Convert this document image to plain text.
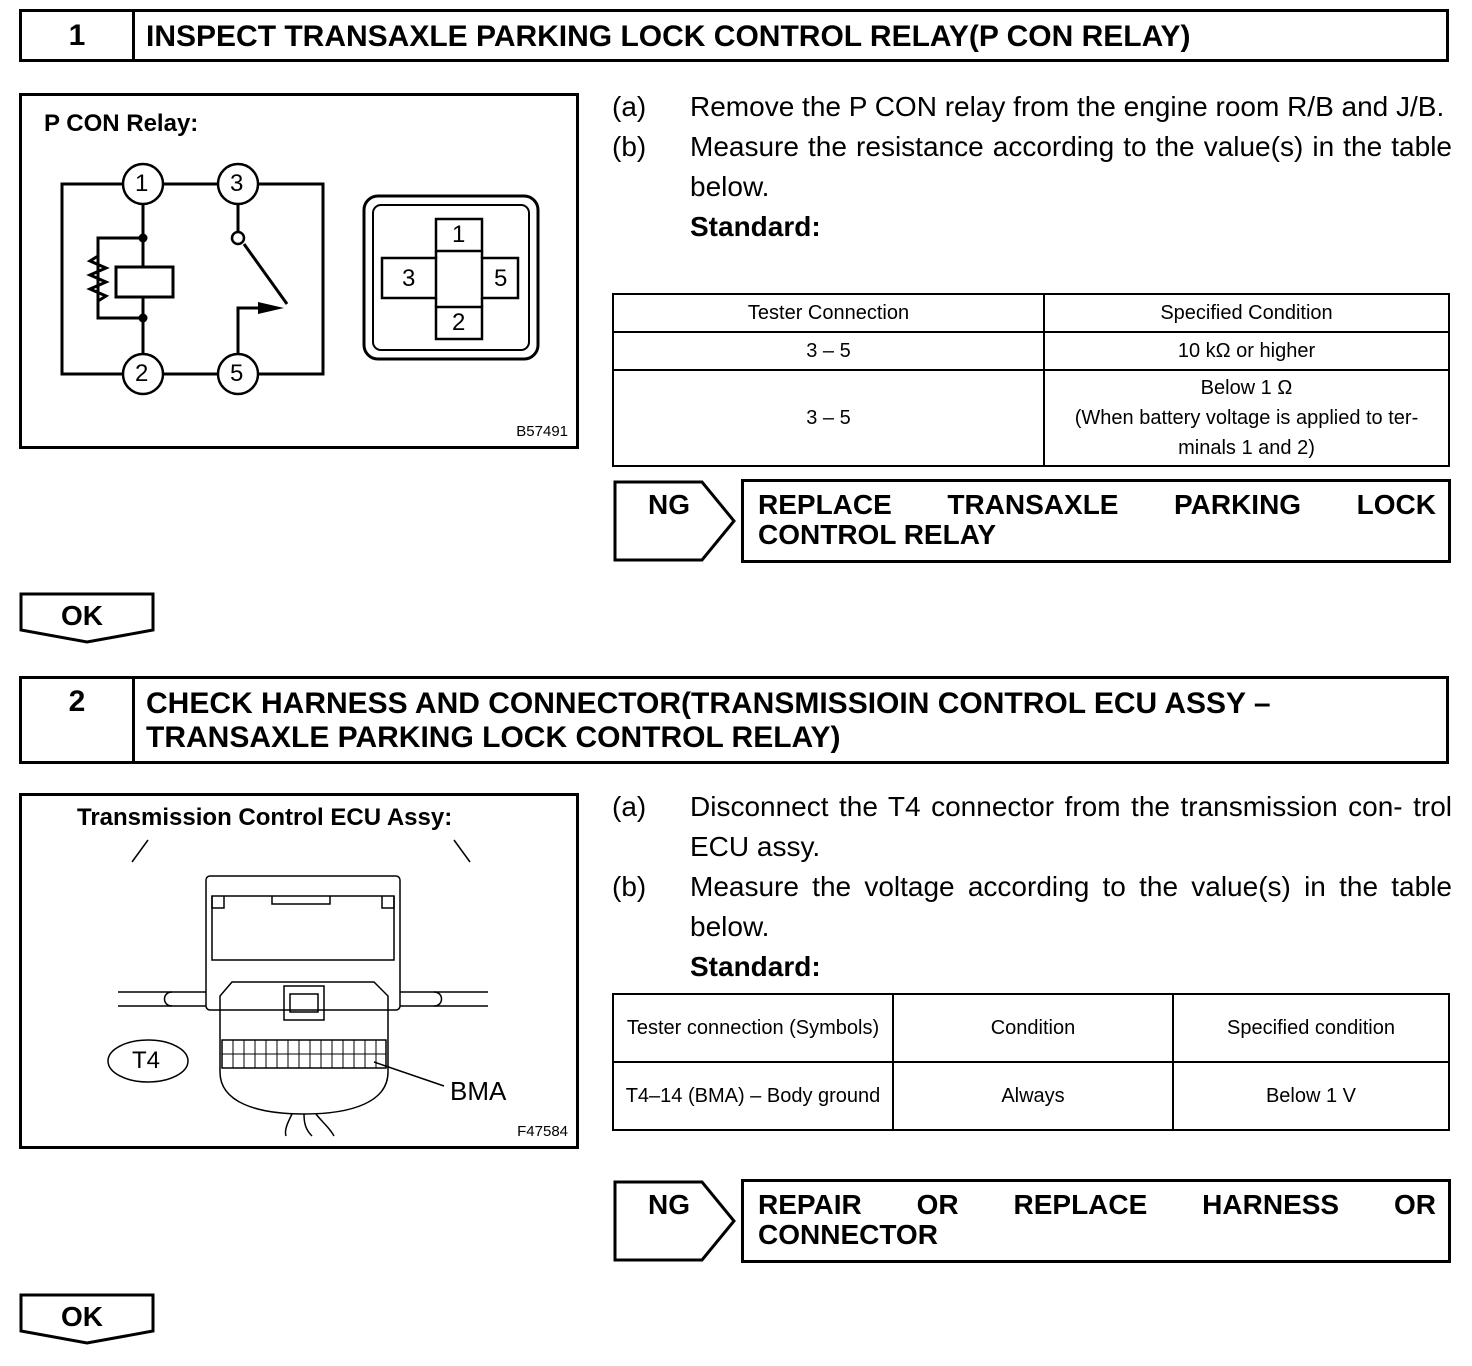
1	INSPECT TRANSAXLE PARKING LOCK CONTROL RELAY(P CON RELAY)
P CON Relay:
1	3
2	5
1
3	5
2
B57491
(a) Remove the P CON relay from the engine room R/B and J/B.
(b) Measure the resistance according to the value(s) in the table below.
Standard:
Tester Connection	Specified Condition
3 – 5	10 kΩ or higher
3 – 5	Below 1 Ω
(When battery voltage is applied to ter-
minals 1 and 2)
NG REPLACE TRANSAXLE PARKING LOCK
CONTROL RELAY
OK
2	CHECK HARNESS AND CONNECTOR(TRANSMISSIOIN CONTROL ECU ASSY –
TRANSAXLE PARKING LOCK CONTROL RELAY)
Transmission Control ECU Assy:
T4
BMA
F47584
(a) Disconnect the T4 connector from the transmission con- trol ECU assy.
(b) Measure the voltage according to the value(s) in the table below.
Standard:
Tester connection (Symbols)	Condition	Specified condition
T4–14 (BMA) – Body ground	Always	Below 1 V
NG REPAIR OR REPLACE HARNESS OR
CONNECTOR
OK
